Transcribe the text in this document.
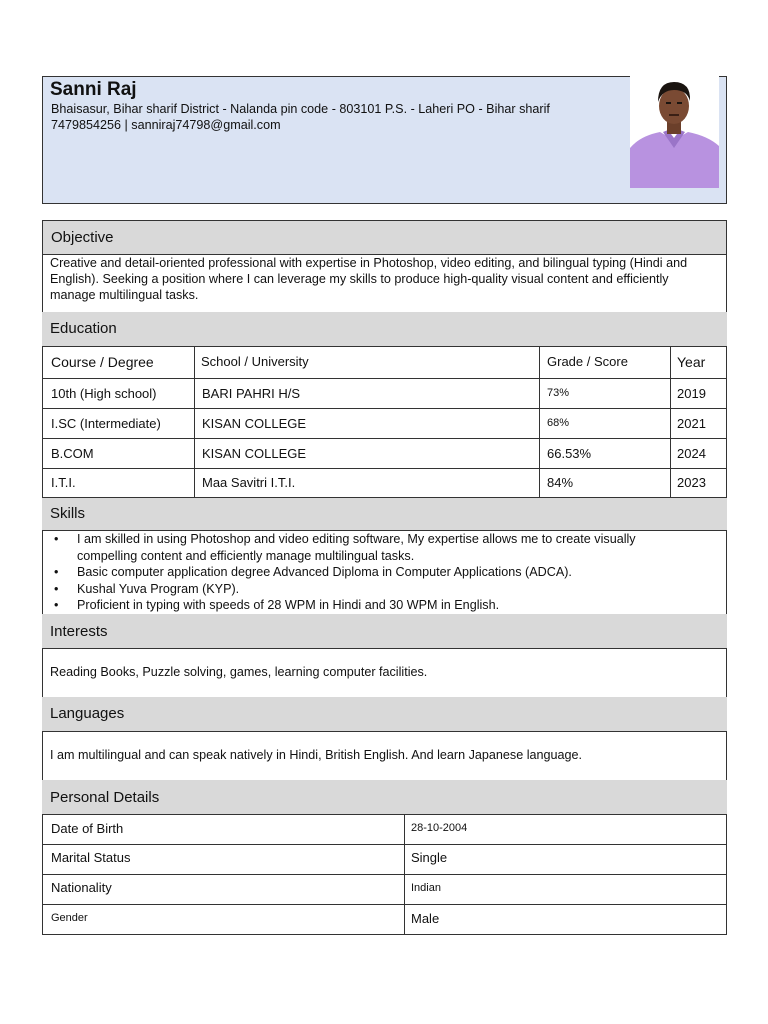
Sanni Raj
Bhaisasur, Bihar sharif District - Nalanda pin code - 803101 P.S. - Laheri PO - Bihar sharif
7479854256 | sanniraj74798@gmail.com
Objective
Creative and detail-oriented professional with expertise in Photoshop, video editing, and bilingual typing (Hindi and
English). Seeking a position where I can leverage my skills to produce high-quality visual content and efficiently
manage multilingual tasks.
Education
Course / Degree	School / University	Grade / Score	Year
10th (High school)	BARI PAHRI H/S	73%	2019
I.SC (Intermediate)	KISAN COLLEGE	68%	2021
B.COM	KISAN COLLEGE	66.53%	2024
I.T.I.	Maa Savitri I.T.I.	84%	2023
Skills
• I am skilled in using Photoshop and video editing software, My expertise allows me to create visually
compelling content and efficiently manage multilingual tasks.
• Basic computer application degree Advanced Diploma in Computer Applications (ADCA).
• Kushal Yuva Program (KYP).
• Proficient in typing with speeds of 28 WPM in Hindi and 30 WPM in English.
Interests
Reading Books, Puzzle solving, games, learning computer facilities.
Languages
I am multilingual and can speak natively in Hindi, British English. And learn Japanese language.
Personal Details
Date of Birth	28-10-2004
Marital Status	Single
Nationality	Indian
Gender	Male
